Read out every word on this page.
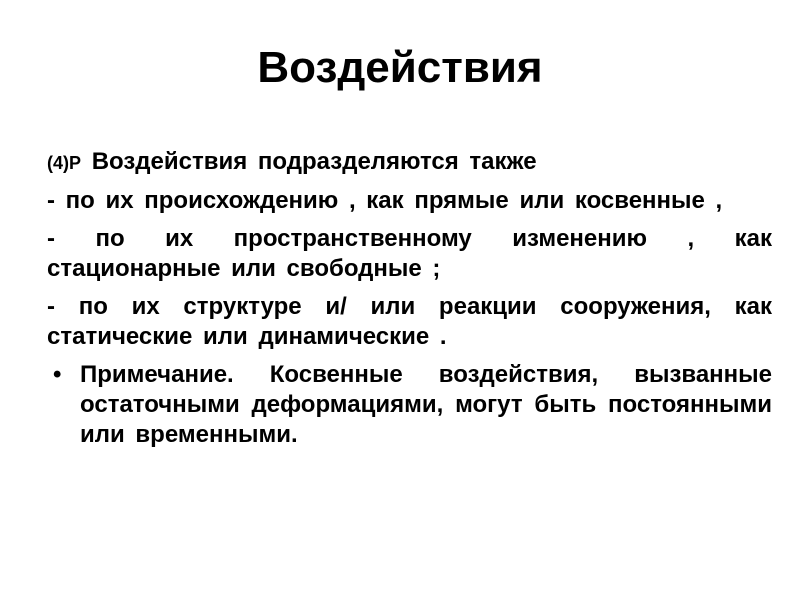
Воздействия

(4)P Воздействия подразделяются также

- по их происхождению , как прямые или косвенные ,

- по их пространственному изменению , как стационарные или свободные ;

- по их структуре и/ или реакции сооружения, как статические или динамические .

• Примечание. Косвенные воздействия, вызванные остаточными деформациями, могут быть постоянными или временными.
